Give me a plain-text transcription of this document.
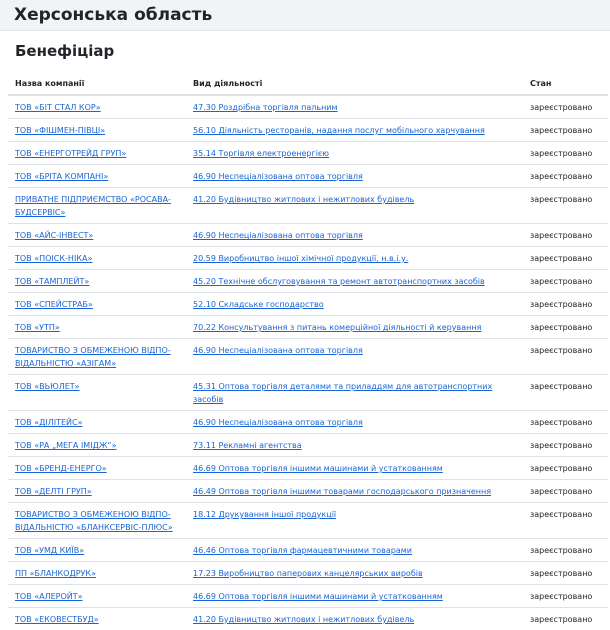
Херсонська область
Бенефіціар
Назва компанії	Вид діяльності	Стан
ТОВ «БІТ СТАЛ КОР»	47.30 Роздрібна торгівля пальним	зареєстровано
ТОВ «ФІШМЕН-ПІВЦІ»	56.10 Діяльність ресторанів, надання послуг мобільного харчування	зареєстровано
ТОВ «ЕНЕРГОТРЕЙД ГРУП»	35.14 Торгівля електроенергією	зареєстровано
ТОВ «БРІТА КОМПАНІ»	46.90 Неспеціалізована оптова торгівля	зареєстровано
ПРИВАТНЕ ПІДПРИЄМСТВО «РОСАВА-БУДСЕРВІС»	41.20 Будівництво житлових і нежитлових будівель	зареєстровано
ТОВ «АЙС-ІНВЕСТ»	46.90 Неспеціалізована оптова торгівля	зареєстровано
ТОВ «ПОІСК-НІКА»	20.59 Виробництво іншої хімічної продукції, н.в.і.у.	зареєстровано
ТОВ «ТАМПЛЕЙТ»	45.20 Технічне обслуговування та ремонт автотранспортних засобів	зареєстровано
ТОВ «СПЕЙСТРАБ»	52.10 Складське господарство	зареєстровано
ТОВ «УТП»	70.22 Консультування з питань комерційної діяльності й керування	зареєстровано
ТОВАРИСТВО З ОБМЕЖЕНОЮ ВІДПО-ВІДАЛЬНІСТЮ «АЗІГАМ»	46.90 Неспеціалізована оптова торгівля	зареєстровано
ТОВ «ВЬЮЛЕТ»	45.31 Оптова торгівля деталями та приладдям для автотранспортних засобів	зареєстровано
ТОВ «ДІЛІТЕЙС»	46.90 Неспеціалізована оптова торгівля	зареєстровано
ТОВ «РА „МЕГА ІМІДЖ“»	73.11 Рекламні агентства	зареєстровано
ТОВ «БРЕНД-ЕНЕРГО»	46.69 Оптова торгівля іншими машинами й устаткованням	зареєстровано
ТОВ «ДЕЛТІ ГРУП»	46.49 Оптова торгівля іншими товарами господарського призначення	зареєстровано
ТОВАРИСТВО З ОБМЕЖЕНОЮ ВІДПО-ВІДАЛЬНІСТЮ «БЛАНКСЕРВІС-ПЛЮС»	18.12 Друкування іншої продукції	зареєстровано
ТОВ «УМД КИЇВ»	46.46 Оптова торгівля фармацевтичними товарами	зареєстровано
ПП «БЛАНКОДРУК»	17.23 Виробництво паперових канцелярських виробів	зареєстровано
ТОВ «АЛЕРОЙТ»	46.69 Оптова торгівля іншими машинами й устаткованням	зареєстровано
ТОВ «ЕКОВЕСТБУД»	41.20 Будівництво житлових і нежитлових будівель	зареєстровано
